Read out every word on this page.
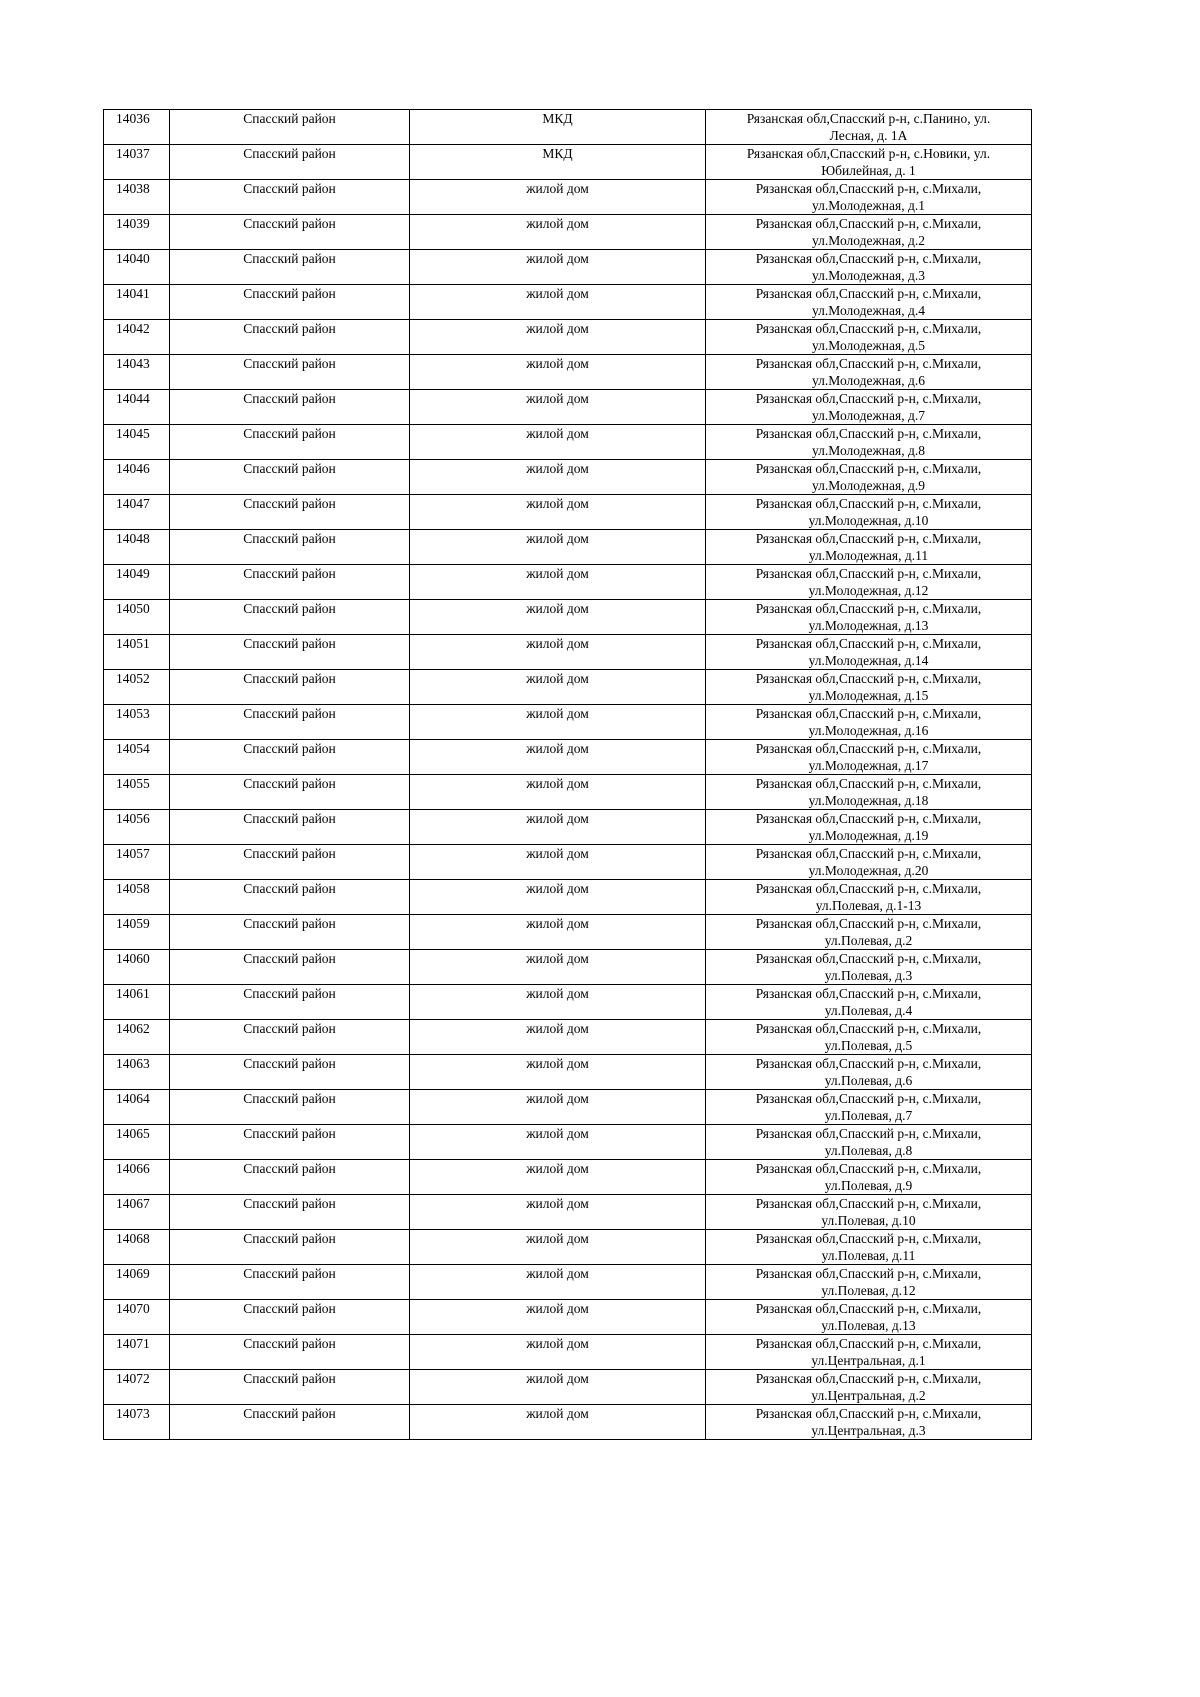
14036	Спасский район	МКД	Рязанская обл,Спасский р-н, с.Панино, ул.
Лесная, д. 1А

14037	Спасский район	МКД	Рязанская обл,Спасский р-н, с.Новики, ул.
Юбилейная, д. 1

14038	Спасский район	жилой дом	Рязанская обл,Спасский р-н, с.Михали,
ул.Молодежная, д.1

14039	Спасский район	жилой дом	Рязанская обл,Спасский р-н, с.Михали,
ул.Молодежная, д.2

14040	Спасский район	жилой дом	Рязанская обл,Спасский р-н, с.Михали,
ул.Молодежная, д.3

14041	Спасский район	жилой дом	Рязанская обл,Спасский р-н, с.Михали,
ул.Молодежная, д.4

14042	Спасский район	жилой дом	Рязанская обл,Спасский р-н, с.Михали,
ул.Молодежная, д.5

14043	Спасский район	жилой дом	Рязанская обл,Спасский р-н, с.Михали,
ул.Молодежная, д.6

14044	Спасский район	жилой дом	Рязанская обл,Спасский р-н, с.Михали,
ул.Молодежная, д.7

14045	Спасский район	жилой дом	Рязанская обл,Спасский р-н, с.Михали,
ул.Молодежная, д.8

14046	Спасский район	жилой дом	Рязанская обл,Спасский р-н, с.Михали,
ул.Молодежная, д.9

14047	Спасский район	жилой дом	Рязанская обл,Спасский р-н, с.Михали,
ул.Молодежная, д.10

14048	Спасский район	жилой дом	Рязанская обл,Спасский р-н, с.Михали,
ул.Молодежная, д.11

14049	Спасский район	жилой дом	Рязанская обл,Спасский р-н, с.Михали,
ул.Молодежная, д.12

14050	Спасский район	жилой дом	Рязанская обл,Спасский р-н, с.Михали,
ул.Молодежная, д.13

14051	Спасский район	жилой дом	Рязанская обл,Спасский р-н, с.Михали,
ул.Молодежная, д.14

14052	Спасский район	жилой дом	Рязанская обл,Спасский р-н, с.Михали,
ул.Молодежная, д.15

14053	Спасский район	жилой дом	Рязанская обл,Спасский р-н, с.Михали,
ул.Молодежная, д.16

14054	Спасский район	жилой дом	Рязанская обл,Спасский р-н, с.Михали,
ул.Молодежная, д.17

14055	Спасский район	жилой дом	Рязанская обл,Спасский р-н, с.Михали,
ул.Молодежная, д.18

14056	Спасский район	жилой дом	Рязанская обл,Спасский р-н, с.Михали,
ул.Молодежная, д.19

14057	Спасский район	жилой дом	Рязанская обл,Спасский р-н, с.Михали,
ул.Молодежная, д.20

14058	Спасский район	жилой дом	Рязанская обл,Спасский р-н, с.Михали,
ул.Полевая, д.1-13

14059	Спасский район	жилой дом	Рязанская обл,Спасский р-н, с.Михали,
ул.Полевая, д.2

14060	Спасский район	жилой дом	Рязанская обл,Спасский р-н, с.Михали,
ул.Полевая, д.3

14061	Спасский район	жилой дом	Рязанская обл,Спасский р-н, с.Михали,
ул.Полевая, д.4

14062	Спасский район	жилой дом	Рязанская обл,Спасский р-н, с.Михали,
ул.Полевая, д.5

14063	Спасский район	жилой дом	Рязанская обл,Спасский р-н, с.Михали,
ул.Полевая, д.6

14064	Спасский район	жилой дом	Рязанская обл,Спасский р-н, с.Михали,
ул.Полевая, д.7

14065	Спасский район	жилой дом	Рязанская обл,Спасский р-н, с.Михали,
ул.Полевая, д.8

14066	Спасский район	жилой дом	Рязанская обл,Спасский р-н, с.Михали,
ул.Полевая, д.9

14067	Спасский район	жилой дом	Рязанская обл,Спасский р-н, с.Михали,
ул.Полевая, д.10

14068	Спасский район	жилой дом	Рязанская обл,Спасский р-н, с.Михали,
ул.Полевая, д.11

14069	Спасский район	жилой дом	Рязанская обл,Спасский р-н, с.Михали,
ул.Полевая, д.12

14070	Спасский район	жилой дом	Рязанская обл,Спасский р-н, с.Михали,
ул.Полевая, д.13

14071	Спасский район	жилой дом	Рязанская обл,Спасский р-н, с.Михали,
ул.Центральная, д.1

14072	Спасский район	жилой дом	Рязанская обл,Спасский р-н, с.Михали,
ул.Центральная, д.2

14073	Спасский район	жилой дом	Рязанская обл,Спасский р-н, с.Михали,
ул.Центральная, д.3
